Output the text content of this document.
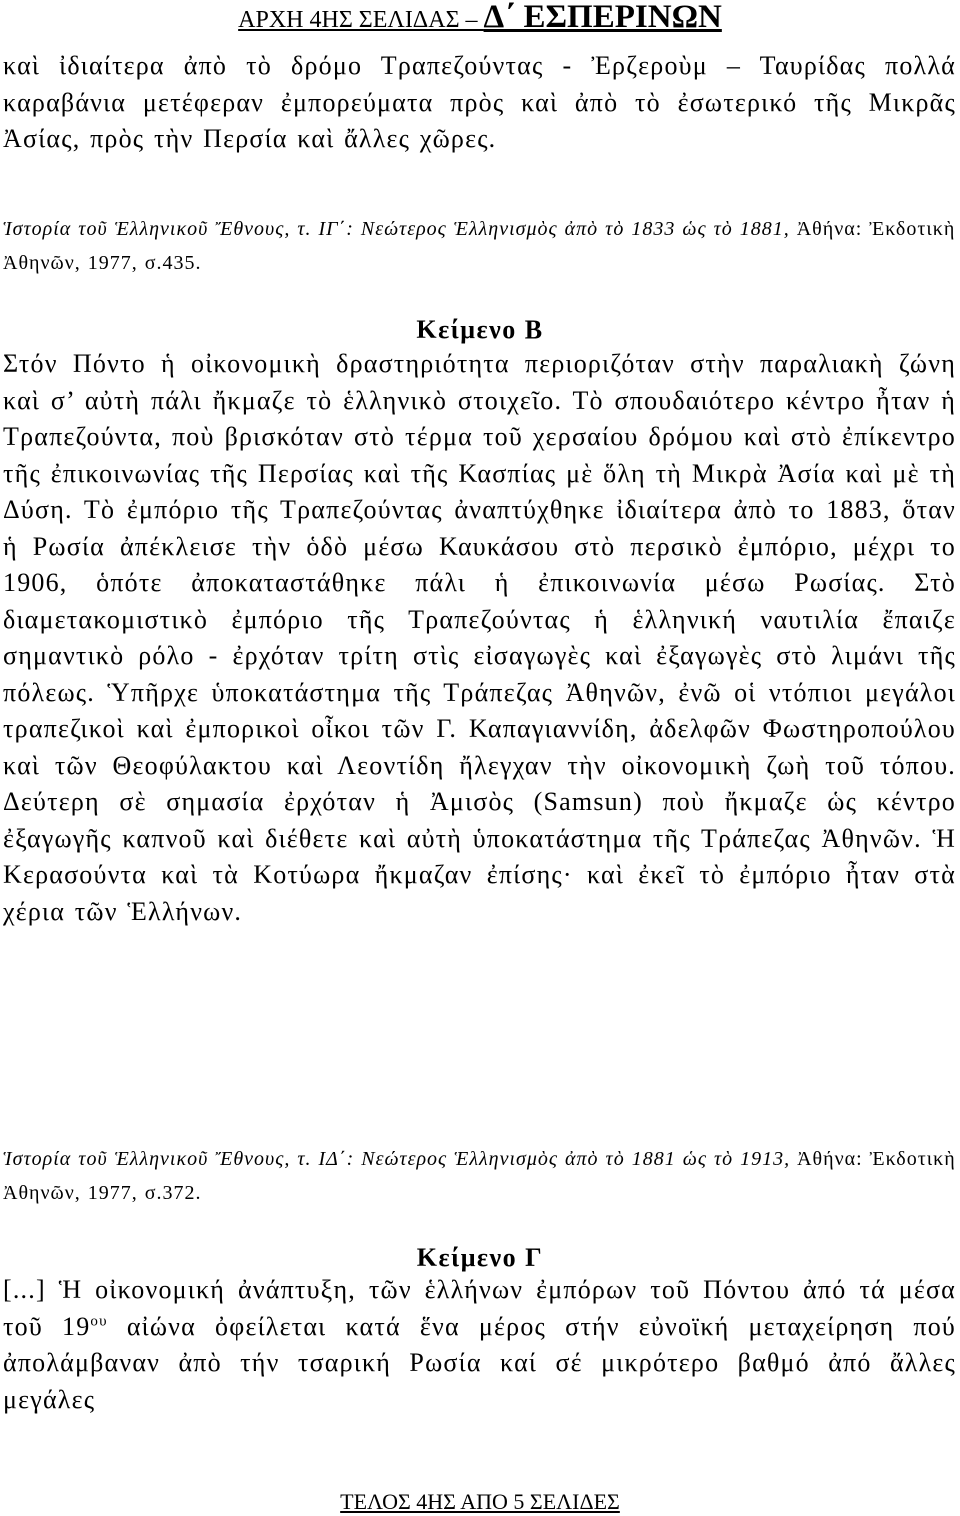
ΑΡΧΗ 4ΗΣ ΣΕΛΙΔΑΣ – Δ΄ ΕΣΠΕΡΙΝΩΝ
καὶ ἰδιαίτερα ἀπὸ τὸ δρόμο Τραπεζούντας - Ἐρζεροὺμ – Ταυρίδας πολλά καραβάνια μετέφεραν ἐμπορεύματα πρὸς καὶ ἀπὸ τὸ ἐσωτερικό τῆς Μικρᾶς Ἀσίας, πρὸς τὴν Περσία καὶ ἄλλες χῶρες.
Ἱστορία τοῦ Ἑλληνικοῦ Ἔθνους, τ. ΙΓ΄: Νεώτερος Ἑλληνισμὸς ἀπὸ τὸ 1833 ὡς τὸ 1881, Ἀθήνα: Ἐκδοτικὴ Ἀθηνῶν, 1977, σ.435.
Κείμενο Β
Στόν Πόντο ἡ οἰκονομικὴ δραστηριότητα περιοριζόταν στὴν παραλιακὴ ζώνη καὶ σ’ αὐτὴ πάλι ἤκμαζε τὸ ἑλληνικὸ στοιχεῖο. Τὸ σπουδαιότερο κέντρο ἦταν ἡ Τραπεζούντα, ποὺ βρισκόταν στὸ τέρμα τοῦ χερσαίου δρόμου καὶ στὸ ἐπίκεντρο τῆς ἐπικοινωνίας τῆς Περσίας καὶ τῆς Κασπίας μὲ ὅλη τὴ Μικρὰ Ἀσία καὶ μὲ τὴ Δύση. Τὸ ἐμπόριο τῆς Τραπεζούντας ἀναπτύχθηκε ἰδιαίτερα ἀπὸ το 1883, ὅταν ἡ Ρωσία ἀπέκλεισε τὴν ὁδὸ μέσω Καυκάσου στὸ περσικὸ ἐμπόριο, μέχρι το 1906, ὁπότε ἀποκαταστάθηκε πάλι ἡ ἐπικοινωνία μέσω Ρωσίας. Στὸ διαμετακομιστικὸ ἐμπόριο τῆς Τραπεζούντας ἡ ἑλληνική ναυτιλία ἔπαιζε σημαντικὸ ρόλο - ἐρχόταν τρίτη στὶς εἰσαγωγὲς καὶ ἐξαγωγὲς στὸ λιμάνι τῆς πόλεως. Ὑπῆρχε ὑποκατάστημα τῆς Τράπεζας Ἀθηνῶν, ἐνῶ οἱ ντόπιοι μεγάλοι τραπεζικοὶ καὶ ἐμπορικοὶ οἶκοι τῶν Γ. Καπαγιαννίδη, ἀδελφῶν Φωστηροπούλου καὶ τῶν Θεοφύλακτου καὶ Λεοντίδη ἤλεγχαν τὴν οἰκονομικὴ ζωὴ τοῦ τόπου. Δεύτερη σὲ σημασία ἐρχόταν ἡ Ἀμισὸς (Samsun) ποὺ ἤκμαζε ὡς κέντρο ἐξαγωγῆς καπνοῦ καὶ διέθετε καὶ αὐτὴ ὑποκατάστημα τῆς Τράπεζας Ἀθηνῶν. Ἡ Κερασούντα καὶ τὰ Κοτύωρα ἤκμαζαν ἐπίσης· καὶ ἐκεῖ τὸ ἐμπόριο ἦταν στὰ χέρια τῶν Ἑλλήνων.
Ἱστορία τοῦ Ἑλληνικοῦ Ἔθνους, τ. ΙΔ΄: Νεώτερος Ἑλληνισμὸς ἀπὸ τὸ 1881 ὡς τὸ 1913, Ἀθήνα: Ἐκδοτικὴ Ἀθηνῶν, 1977, σ.372.
Κείμενο Γ
[...] Ἡ οἰκονομική ἀνάπτυξη, τῶν ἑλλήνων ἐμπόρων τοῦ Πόντου ἀπό τά μέσα τοῦ $19^{o\upsilon}$ αἰώνα ὀφείλεται κατά ἕνα μέρος στήν εὐνοϊκή μεταχείρηση πού ἀπολάμβαναν ἀπὸ τήν τσαρική Ρωσία καί σέ μικρότερο βαθμό ἀπό ἄλλες μεγάλες
ΤΕΛΟΣ 4ΗΣ ΑΠΟ 5 ΣΕΛΙΔΕΣ
